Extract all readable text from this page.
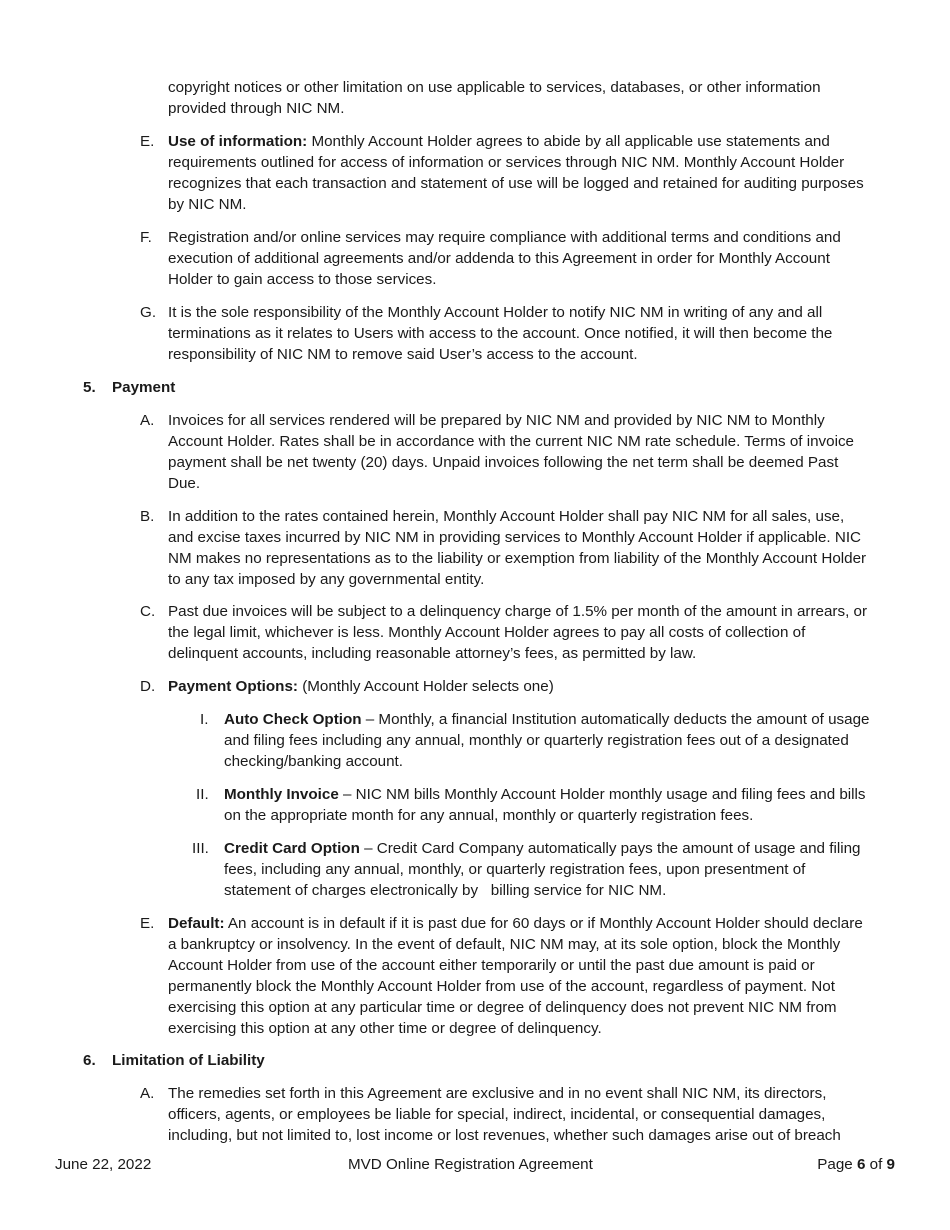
copyright notices or other limitation on use applicable to services, databases, or other information provided through NIC NM.
E. Use of information: Monthly Account Holder agrees to abide by all applicable use statements and requirements outlined for access of information or services through NIC NM. Monthly Account Holder recognizes that each transaction and statement of use will be logged and retained for auditing purposes by NIC NM.
F.	Registration and/or online services may require compliance with additional terms and conditions and execution of additional agreements and/or addenda to this Agreement in order for Monthly Account Holder to gain access to those services.
G. It is the sole responsibility of the Monthly Account Holder to notify NIC NM in writing of any and all terminations as it relates to Users with access to the account. Once notified, it will then become the responsibility of NIC NM to remove said User’s access to the account.
5. Payment
A. Invoices for all services rendered will be prepared by NIC NM and provided by NIC NM to Monthly Account Holder. Rates shall be in accordance with the current NIC NM rate schedule. Terms of invoice payment shall be net twenty (20) days. Unpaid invoices following the net term shall be deemed Past Due.
B. In addition to the rates contained herein, Monthly Account Holder shall pay NIC NM for all sales, use, and excise taxes incurred by NIC NM in providing services to Monthly Account Holder if applicable. NIC NM makes no representations as to the liability or exemption from liability of the Monthly Account Holder to any tax imposed by any governmental entity.
C. Past due invoices will be subject to a delinquency charge of 1.5% per month of the amount in arrears, or the legal limit, whichever is less. Monthly Account Holder agrees to pay all costs of collection of delinquent accounts, including reasonable attorney’s fees, as permitted by law.
D. Payment Options: (Monthly Account Holder selects one)
I. Auto Check Option – Monthly, a financial Institution automatically deducts the amount of usage and filing fees including any annual, monthly or quarterly registration fees out of a designated checking/banking account.
II. Monthly Invoice – NIC NM bills Monthly Account Holder monthly usage and filing fees and bills on the appropriate month for any annual, monthly or quarterly registration fees.
III. Credit Card Option – Credit Card Company automatically pays the amount of usage and filing fees, including any annual, monthly, or quarterly registration fees, upon presentment of statement of charges electronically by   billing service for NIC NM.
E. Default: An account is in default if it is past due for 60 days or if Monthly Account Holder should declare a bankruptcy or insolvency. In the event of default, NIC NM may, at its sole option, block the Monthly Account Holder from use of the account either temporarily or until the past due amount is paid or permanently block the Monthly Account Holder from use of the account, regardless of payment. Not exercising this option at any particular time or degree of delinquency does not prevent NIC NM from exercising this option at any other time or degree of delinquency.
6. Limitation of Liability
A. The remedies set forth in this Agreement are exclusive and in no event shall NIC NM, its directors, officers, agents, or employees be liable for special, indirect, incidental, or consequential damages, including, but not limited to, lost income or lost revenues, whether such damages arise out of breach
June 22, 2022	MVD Online Registration Agreement	Page 6 of 9
